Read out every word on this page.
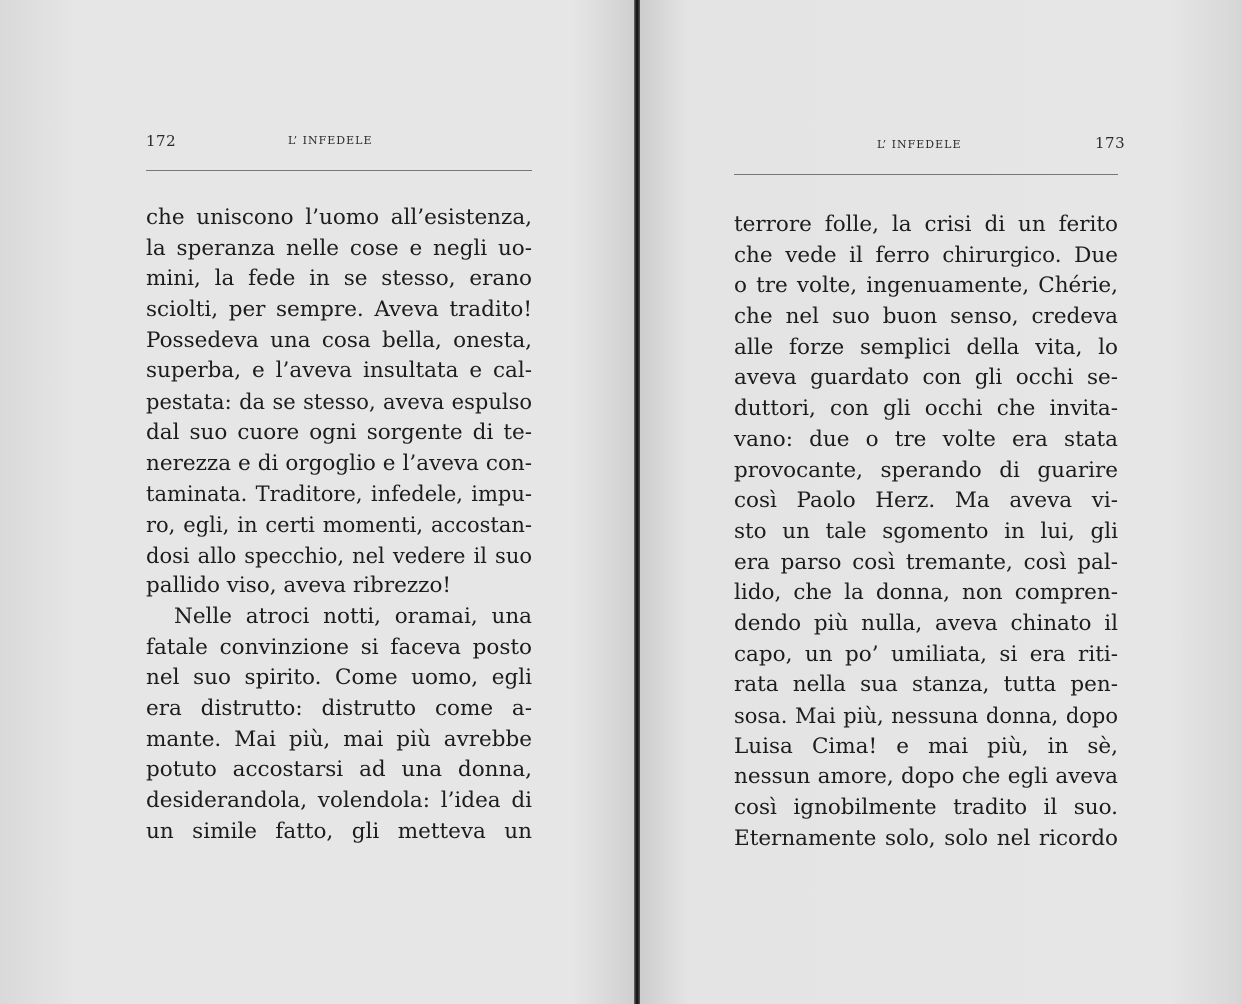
172	L’ INFEDELE
che uniscono l’uomo all’esistenza,
la speranza nelle cose e negli uo-
mini, la fede in se stesso, erano
sciolti, per sempre. Aveva tradito!
Possedeva una cosa bella, onesta,
superba, e l’aveva insultata e cal-
pestata: da se stesso, aveva espulso
dal suo cuore ogni sorgente di te-
nerezza e di orgoglio e l’aveva con-
taminata. Traditore, infedele, impu-
ro, egli, in certi momenti, accostan-
dosi allo specchio, nel vedere il suo
pallido viso, aveva ribrezzo!
Nelle atroci notti, oramai, una
fatale convinzione si faceva posto
nel suo spirito. Come uomo, egli
era distrutto: distrutto come a-
mante. Mai più, mai più avrebbe
potuto accostarsi ad una donna,
desiderandola, volendola: l’idea di
un simile fatto, gli metteva un
L’ INFEDELE	173
terrore folle, la crisi di un ferito
che vede il ferro chirurgico. Due
o tre volte, ingenuamente, Chérie,
che nel suo buon senso, credeva
alle forze semplici della vita, lo
aveva guardato con gli occhi se-
duttori, con gli occhi che invita-
vano: due o tre volte era stata
provocante, sperando di guarire
così Paolo Herz. Ma aveva vi-
sto un tale sgomento in lui, gli
era parso così tremante, così pal-
lido, che la donna, non compren-
dendo più nulla, aveva chinato il
capo, un po’ umiliata, si era riti-
rata nella sua stanza, tutta pen-
sosa. Mai più, nessuna donna, dopo
Luisa Cima! e mai più, in sè,
nessun amore, dopo che egli aveva
così ignobilmente tradito il suo.
Eternamente solo, solo nel ricordo
